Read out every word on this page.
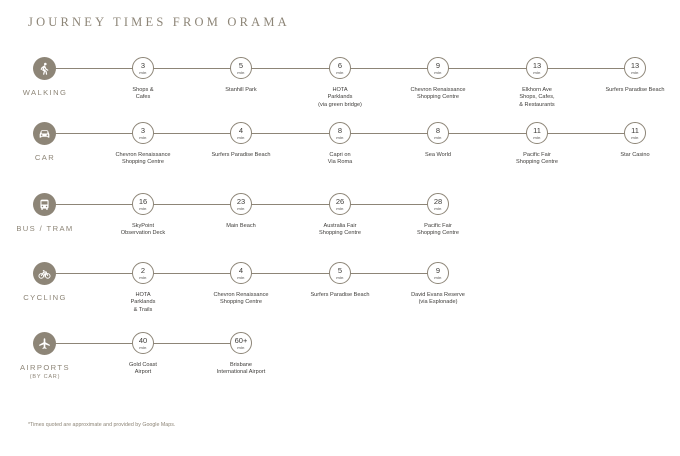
JOURNEY TIMES FROM ORAMA
WALKING
3
min
Shops &
Cafes
5
min
Stanhill Park
6
min
HOTA
Parklands
(via green bridge)
9
min
Chevron Renaissance
Shopping Centre
13
min
Elkhorn Ave
Shops, Cafes,
& Restaurants
13
min
Surfers Paradise Beach
CAR
3
min
Chevron Renaissance
Shopping Centre
4
min
Surfers Paradise Beach
8
min
Capri on
Via Roma
8
min
Sea World
11
min
Pacific Fair
Shopping Centre
11
min
Star Casino
BUS / TRAM
16
min
SkyPoint
Observation Deck
23
min
Main Beach
26
min
Australia Fair
Shopping Centre
28
min
Pacific Fair
Shopping Centre
CYCLING
2
min
HOTA
Parklands
& Trails
4
min
Chevron Renaissance
Shopping Centre
5
min
Surfers Paradise Beach
9
min
David Evans Reserve
(via Esplonade)
AIRPORTS
(BY CAR)
40
min
Gold Coast
Airport
60+
min
Brisbane
International Airport
*Times quoted are approximate and provided by Google Maps.
